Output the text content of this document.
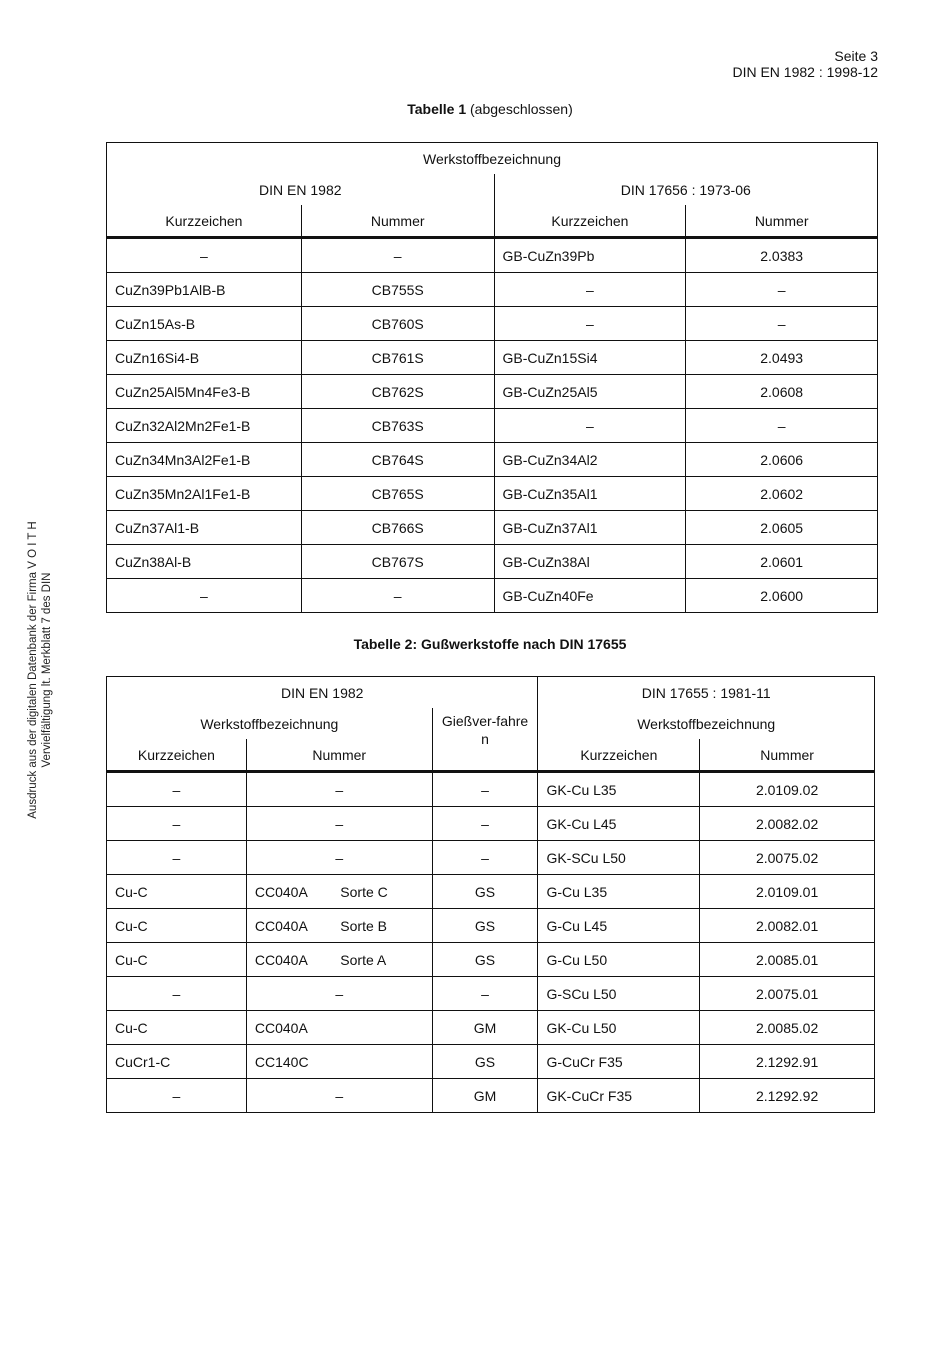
Seite 3
DIN EN 1982 : 1998-12
Tabelle 1 (abgeschlossen)
Werkstoffbezeichnung			
DIN EN 1982		DIN 17656 : 1973-06	
Kurzzeichen	Nummer	Kurzzeichen	Nummer
–	–	GB-CuZn39Pb	2.0383
CuZn39Pb1AlB-B	CB755S	–	–
CuZn15As-B	CB760S	–	–
CuZn16Si4-B	CB761S	GB-CuZn15Si4	2.0493
CuZn25Al5Mn4Fe3-B	CB762S	GB-CuZn25Al5	2.0608
CuZn32Al2Mn2Fe1-B	CB763S	–	–
CuZn34Mn3Al2Fe1-B	CB764S	GB-CuZn34Al2	2.0606
CuZn35Mn2Al1Fe1-B	CB765S	GB-CuZn35Al1	2.0602
CuZn37Al1-B	CB766S	GB-CuZn37Al1	2.0605
CuZn38Al-B	CB767S	GB-CuZn38Al	2.0601
–	–	GB-CuZn40Fe	2.0600
Tabelle 2: Gußwerkstoffe nach DIN 17655
DIN EN 1982				DIN 17655 : 1981-11	
Werkstoffbezeichnung			Gießver-fahren	Werkstoffbezeichnung	
Kurzzeichen	Nummer			Kurzzeichen	Nummer
–	–		–	GK-Cu L35	2.0109.02
–	–		–	GK-Cu L45	2.0082.02
–	–		–	GK-SCu L50	2.0075.02
Cu-C	CC040A	Sorte C	GS	G-Cu L35	2.0109.01
Cu-C	CC040A	Sorte B	GS	G-Cu L45	2.0082.01
Cu-C	CC040A	Sorte A	GS	G-Cu L50	2.0085.01
–	–		–	G-SCu L50	2.0075.01
Cu-C	CC040A		GM	GK-Cu L50	2.0085.02
CuCr1-C	CC140C		GS	G-CuCr F35	2.1292.91
–	–		GM	GK-CuCr F35	2.1292.92
Ausdruck aus der digitalen Datenbank der Firma V O I T H Vervielfältigung lt. Merkblatt 7 des DIN
